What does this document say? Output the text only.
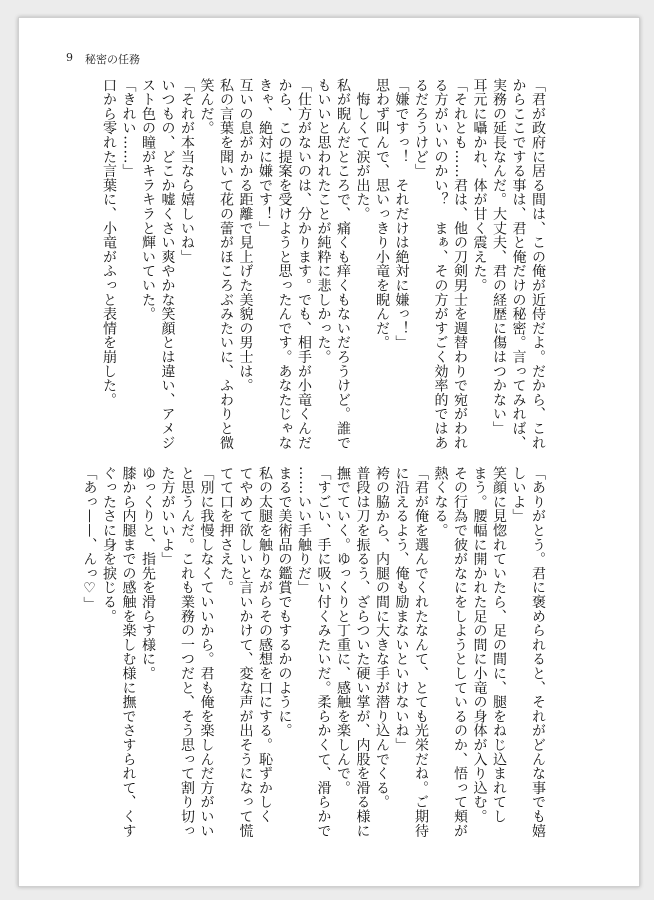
9 秘密の任務
「君が政府に居る間は、この俺が近侍だよ。だから、これ
からここでする事は、君と俺だけの秘密。言ってみれば、
実務の延長なんだ。大丈夫、君の経歴に傷はつかない」
耳元に囁かれ、体が甘く震えた。
「それとも……君は、他の刀剣男士を週替わりで宛がわれ
る方がいいのかい？　まぁ、その方がすごく効率的ではあ
るだろうけど」
「嫌ですっ！　それだけは絶対に嫌っ！」
思わず叫んで、思いっきり小竜を睨んだ。
　悔しくて涙が出た。
私が睨んだところで、痛くも痒くもないだろうけど。誰で
もいいと思われたことが純粋に悲しかった。
「仕方がないのは、分かります。でも、相手が小竜くんだ
から、この提案を受けようと思ったんです。あなたじゃな
きゃ、絶対に嫌です！」
互いの息がかかる距離で見上げた美貌の男士は。
私の言葉を聞いて花の蕾がほころぶみたいに、ふわりと微
笑んだ。
「それが本当なら嬉しいね」
いつもの、どこか嘘くさい爽やかな笑顔とは違い、アメジ
スト色の瞳がキラキラと輝いていた。
「きれい……」
口から零れた言葉に、小竜がふっと表情を崩した。
「ありがとう。君に褒められると、それがどんな事でも嬉
しいよ」
笑顔に見惚れていたら、足の間に、腿をねじ込まれてし
まう。腰幅に開かれた足の間に小竜の身体が入り込む。
その行為で彼がなにをしようとしているのか、悟って頬が
熱くなる。
「君が俺を選んでくれたなんて、とても光栄だね。ご期待
に沿えるよう、俺も励まないといけないね」
袴の脇から、内腿の間に大きな手が潜り込んでくる。
普段は刀を振るう、ざらついた硬い掌が、内股を滑る様に
撫でていく。ゆっくりと丁重に、感触を楽しんで。
「すごい、手に吸い付くみたいだ。柔らかくて、滑らかで
……いい手触りだ」
まるで美術品の鑑賞でもするかのように。
私の太腿を触りながらその感想を口にする。恥ずかしく
てやめて欲しいと言いかけて、変な声が出そうになって慌
てて口を押さえた。
「別に我慢しなくていいから。君も俺を楽しんだ方がいい
と思うんだ。これも業務の一つだと、そう思って割り切っ
た方がいいよ」
ゆっくりと、指先を滑らす様に。
膝から内腿までの感触を楽しむ様に撫でさすられて、くす
ぐったさに身を捩じる。
「あっ——、んっ♡」
